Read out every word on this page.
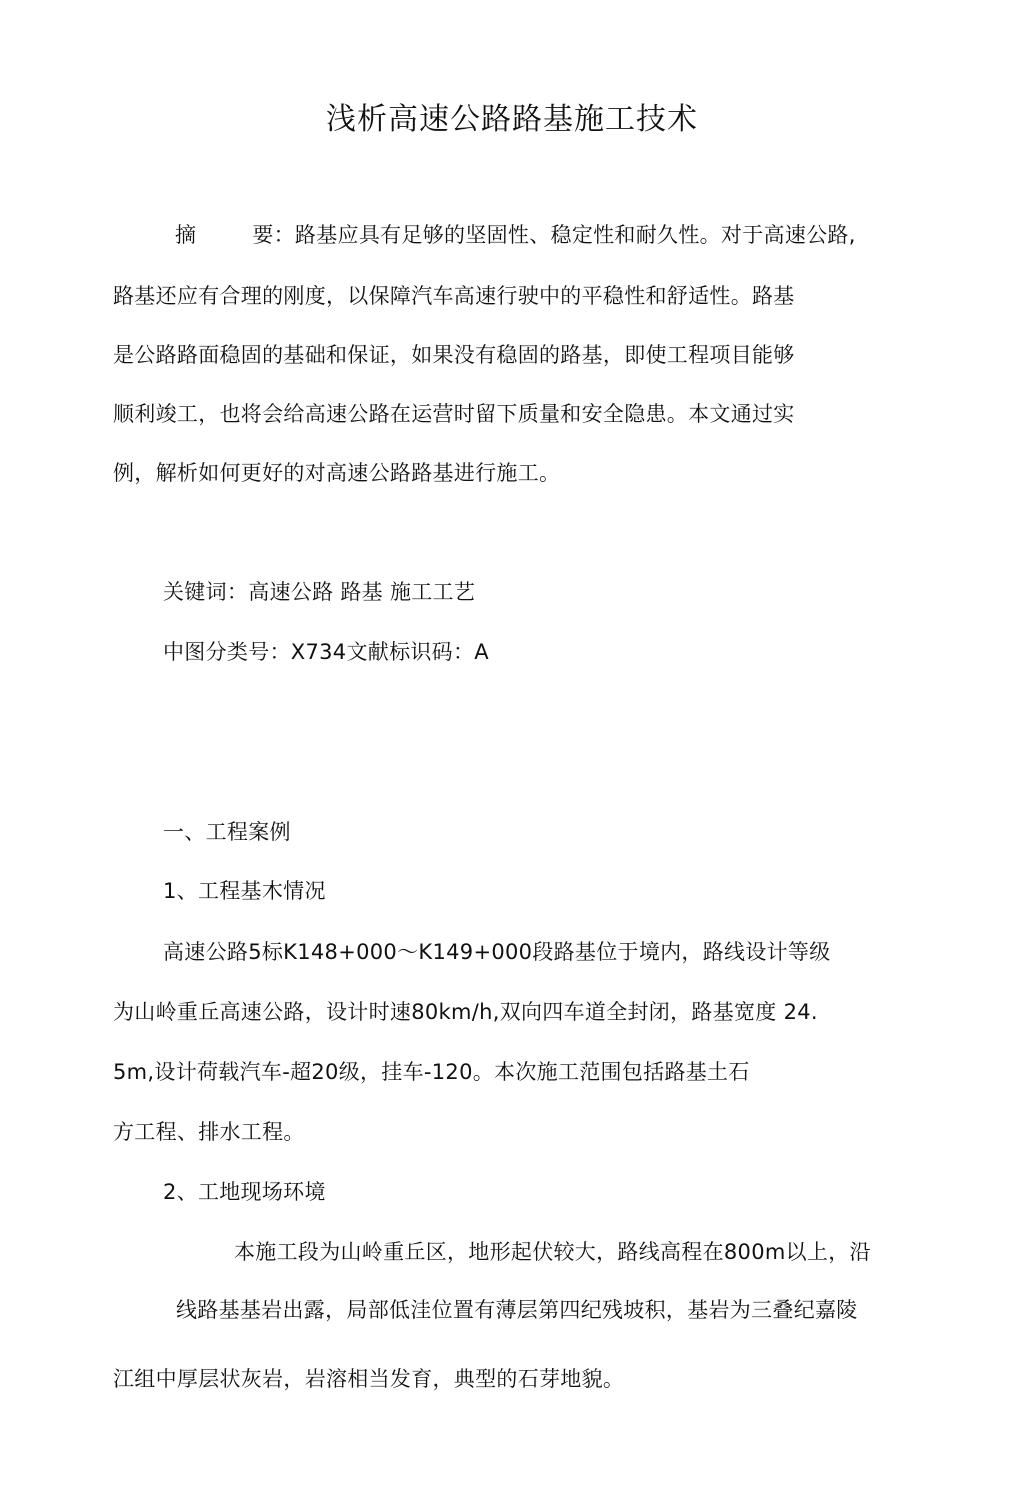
浅析高速公路路基施工技术
摘	要：路基应具有足够的坚固性、稳定性和耐久性。对于高速公路,
路基还应有合理的刚度，以保障汽车高速行驶中的平稳性和舒适性。路基
是公路路面稳固的基础和保证，如果没有稳固的路基，即使工程项目能够
顺利竣工，也将会给高速公路在运营时留下质量和安全隐患。本文通过实
例，解析如何更好的对高速公路路基进行施工。
关键词：高速公路 路基 施工工艺
中图分类号：X734文献标识码：A
一、工程案例
1、工程基木情况
高速公路5标K148+000～K149+000段路基位于境内，路线设计等级
为山岭重丘高速公路，设计时速80km/h,双向四车道全封闭，路基宽度 24.
5m,设计荷载汽车-超20级，挂车-120。本次施工范围包括路基土石
方工程、排水工程。
2、工地现场环境
本施工段为山岭重丘区，地形起伏较大，路线高程在800m以上，沿
线路基基岩出露，局部低洼位置有薄层第四纪残坡积，基岩为三叠纪嘉陵
江组中厚层状灰岩，岩溶相当发育，典型的石芽地貌。
